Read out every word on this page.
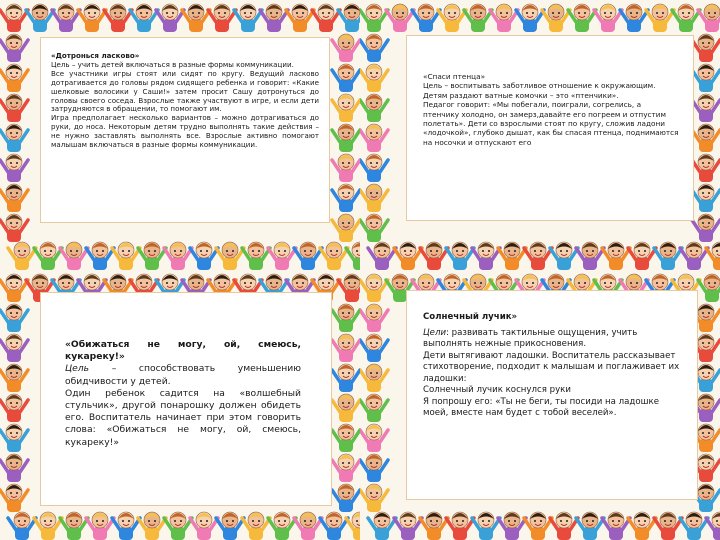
«Дотронься ласково»

Цель – учить детей включаться в разные формы коммуникации.

Все участники игры стоят или сидят по кругу. Ведущий ласково дотрагивается до головы рядом сидящего ребенка и говорит: «Какие шелковые волосики у Саши!» затем просит Сашу дотронуться до головы своего соседа. Взрослые также участвуют в игре, и если дети затрудняются в обращении, то помогают им.

Игра предполагает несколько вариантов – можно дотрагиваться до руки, до носа. Некоторым детям трудно выполнять такие действия – не нужно заставлять выполнять все. Взрослые активно помогают малышам включаться в разные формы коммуникации.

«Спаси птенца»

Цель – воспитывать заботливое отношение к окружающим.

Детям раздают ватные комочки – это «птенчики».

Педагог говорит: «Мы побегали, поиграли, согрелись, а птенчику холодно, он замерз,давайте его погреем и отпустим полетать». Дети со взрослыми стоят по кругу, сложив ладони «лодочкой», глубоко дышат, как бы спасая птенца, поднимаются на носочки и отпускают его

«Обижаться не могу, ой, смеюсь, кукарекy!»

Цель – способствовать уменьшению обидчивости у детей.

Один ребенок садится на «волшебный стульчик», другой понарошку должен обидеть его. Воспитатель начинает при этом говорить слова: «Обижаться не могу, ой, смеюсь, кукареку!»

Солнечный лучик»

Цели: развивать тактильные ощущения, учить выполнять нежные прикосновения.

Дети вытягивают ладошки. Воспитатель рассказывает стихотворение, подходит к малышам и поглаживает их ладошки:

Солнечный лучик коснулся руки

Я попрошу его: «Ты не беги, ты посиди на ладошке моей, вместе нам будет с тобой веселей».
